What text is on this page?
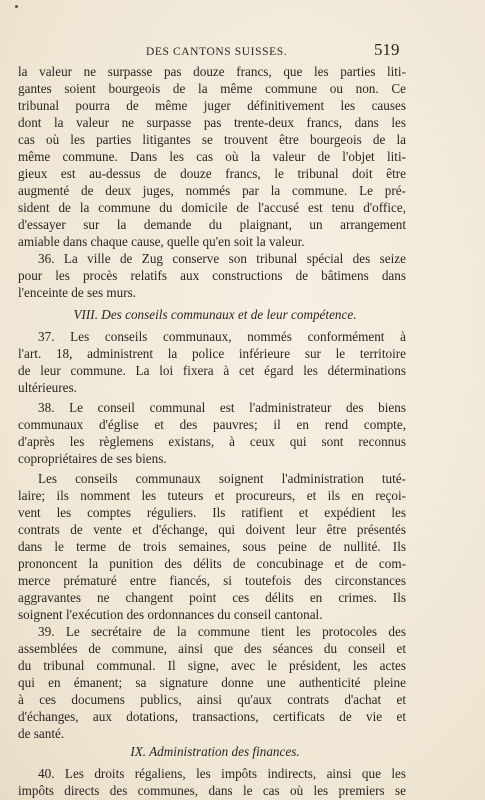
DES CANTONS SUISSES.	519
la valeur ne surpasse pas douze francs, que les parties liti-
gantes soient bourgeois de la même commune ou non. Ce
tribunal pourra de même juger définitivement les causes
dont la valeur ne surpasse pas trente-deux francs, dans les
cas où les parties litigantes se trouvent être bourgeois de la
même commune. Dans les cas où la valeur de l'objet liti-
gieux est au-dessus de douze francs, le tribunal doit être
augmenté de deux juges, nommés par la commune. Le pré-
sident de la commune du domicile de l'accusé est tenu d'office,
d'essayer sur la demande du plaignant, un arrangement
amiable dans chaque cause, quelle qu'en soit la valeur.
36. La ville de Zug conserve son tribunal spécial des seize
pour les procès relatifs aux constructions de bâtimens dans
l'enceinte de ses murs.
VIII. Des conseils communaux et de leur compétence.
37. Les conseils communaux, nommés conformément à
l'art. 18, administrent la police inférieure sur le territoire
de leur commune. La loi fixera à cet égard les déterminations
ultérieures.
38. Le conseil communal est l'administrateur des biens
communaux d'église et des pauvres; il en rend compte,
d'après les règlemens existans, à ceux qui sont reconnus
copropriétaires de ses biens.
Les conseils communaux soignent l'administration tuté-
laire; ils nomment les tuteurs et procureurs, et ils en reçoi-
vent les comptes réguliers. Ils ratifient et expédient les
contrats de vente et d'échange, qui doivent leur être présentés
dans le terme de trois semaines, sous peine de nullité. Ils
prononcent la punition des délits de concubinage et de com-
merce prématuré entre fiancés, si toutefois des circonstances
aggravantes ne changent point ces délits en crimes. Ils
soignent l'exécution des ordonnances du conseil cantonal.
39. Le secrétaire de la commune tient les protocoles des
assemblées de commune, ainsi que des séances du conseil et
du tribunal communal. Il signe, avec le président, les actes
qui en émanent; sa signature donne une authenticité pleine
à ces documens publics, ainsi qu'aux contrats d'achat et
d'échanges, aux dotations, transactions, certificats de vie et
de santé.
IX. Administration des finances.
40. Les droits régaliens, les impôts indirects, ainsi que les
impôts directs des communes, dans le cas où les premiers se
